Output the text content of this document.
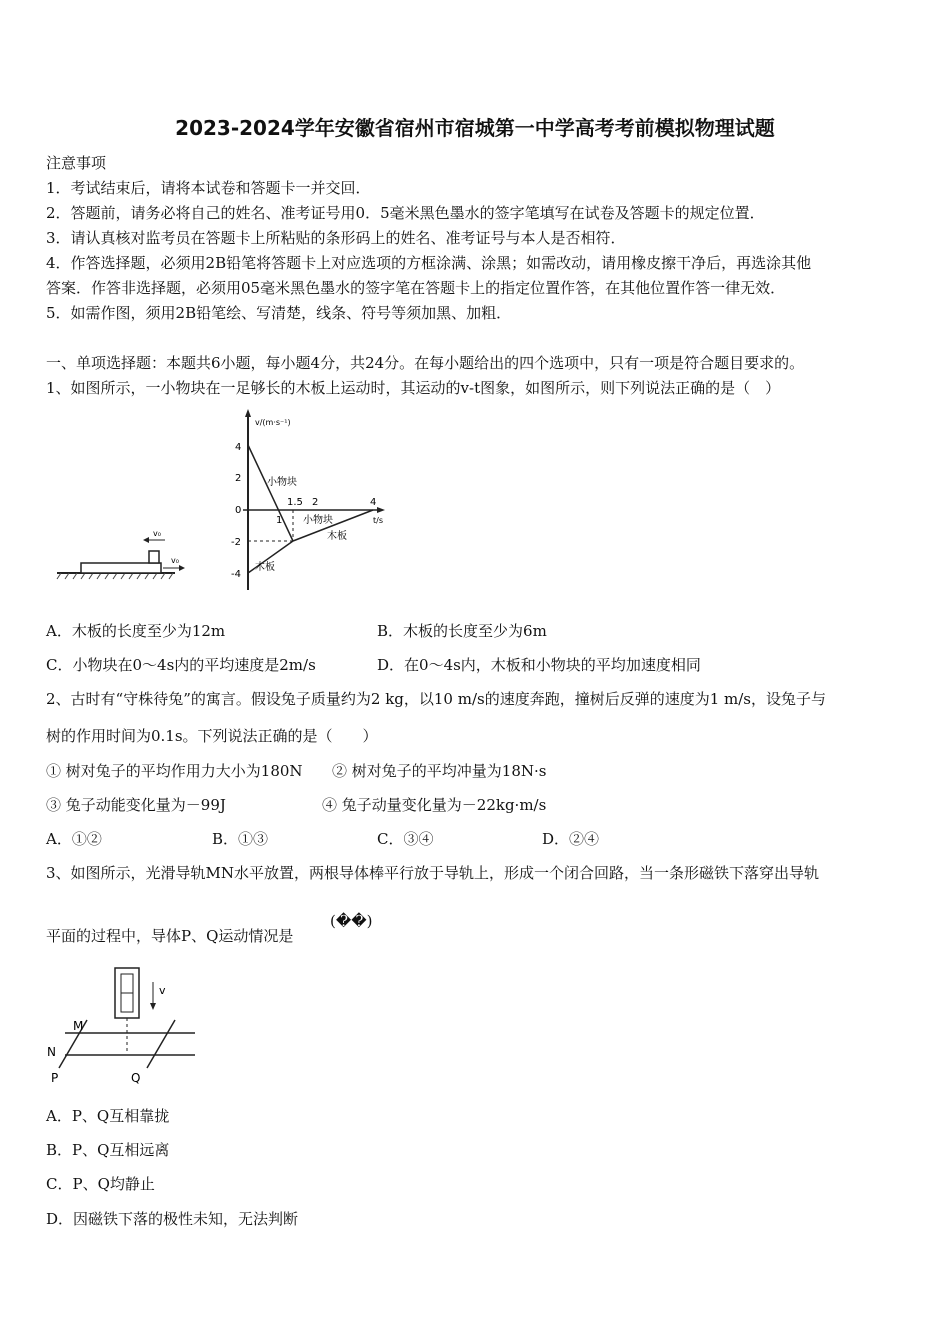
2023-2024学年安徽省宿州市宿城第一中学高考考前模拟物理试题
注意事项
1．考试结束后，请将本试卷和答题卡一并交回．
2．答题前，请务必将自己的姓名、准考证号用0．5毫米黑色墨水的签字笔填写在试卷及答题卡的规定位置．
3．请认真核对监考员在答题卡上所粘贴的条形码上的姓名、准考证号与本人是否相符．
4．作答选择题，必须用2B铅笔将答题卡上对应选项的方框涂满、涂黑；如需改动，请用橡皮擦干净后，再选涂其他
答案．作答非选择题，必须用05毫米黑色墨水的签字笔在答题卡上的指定位置作答，在其他位置作答一律无效．
5．如需作图，须用2B铅笔绘、写清楚，线条、符号等须加黑、加粗．
一、单项选择题：本题共6小题，每小题4分，共24分。在每小题给出的四个选项中，只有一项是符合题目要求的。
1、如图所示，一小物块在一足够长的木板上运动时，其运动的v-t图象，如图所示，则下列说法正确的是（　）
v₀
v₀
v/(m·s⁻¹)
t/s
4
2
0
-2
-4
1
1.5 2	4
小物块
小物块
木板
木板
A．木板的长度至少为12m	B．木板的长度至少为6m
C．小物块在0～4s内的平均速度是2m/s	D．在0～4s内，木板和小物块的平均加速度相同
2、古时有“守株待兔”的寓言。假设兔子质量约为2 kg，以10 m/s的速度奔跑，撞树后反弹的速度为1 m/s，设兔子与
树的作用时间为0.1s。下列说法正确的是（　　）
① 树对兔子的平均作用力大小为180N ② 树对兔子的平均冲量为18N·s
③ 兔子动能变化量为－99J	④ 兔子动量变化量为－22kg·m/s
A．①②	B．①③	C．③④	D．②④
3、如图所示，光滑导轨MN水平放置，两根导体棒平行放于导轨上，形成一个闭合回路，当一条形磁铁下落穿出导轨
平面的过程中，导体P、Q运动情况是
(��)
v
M
N
P	Q
A．P、Q互相靠拢
B．P、Q互相远离
C．P、Q均静止
D．因磁铁下落的极性未知，无法判断
